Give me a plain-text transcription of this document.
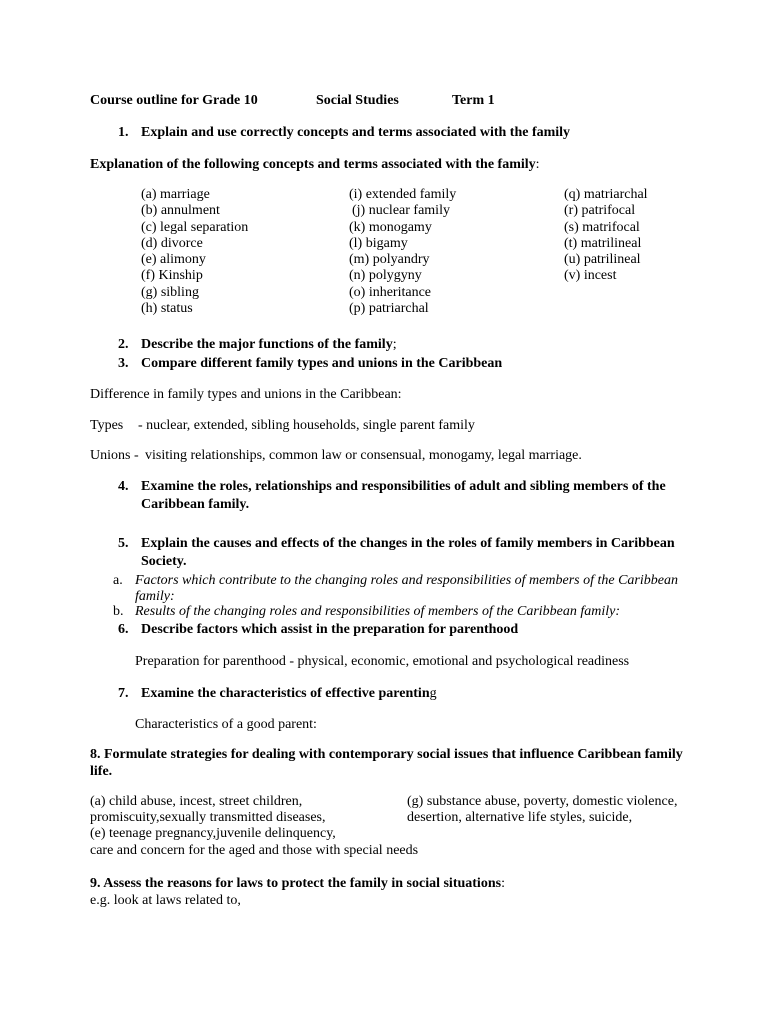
Course outline for Grade 10	Social Studies	Term 1
1. Explain and use correctly concepts and terms associated with the family
Explanation of the following concepts and terms associated with the family:
(a) marriage
(b) annulment
(c) legal separation
(d) divorce
(e) alimony
(f) Kinship
(g) sibling
(h) status
(i) extended family
(j) nuclear family
(k) monogamy
(l) bigamy
(m) polyandry
(n) polygyny
(o) inheritance
(p) patriarchal
(q) matriarchal
(r) patrifocal
(s) matrifocal
(t) matrilineal
(u) patrilineal
(v) incest
2. Describe the major functions of the family;
3. Compare different family types and unions in the Caribbean
Difference in family types and unions in the Caribbean:
Types - nuclear, extended, sibling households, single parent family
Unions - visiting relationships, common law or consensual, monogamy, legal marriage.
4. Examine the roles, relationships and responsibilities of adult and sibling members of the
Caribbean family.
5. Explain the causes and effects of the changes in the roles of family members in Caribbean
Society.
a. Factors which contribute to the changing roles and responsibilities of members of the Caribbean
family:
b. Results of the changing roles and responsibilities of members of the Caribbean family:
6. Describe factors which assist in the preparation for parenthood
Preparation for parenthood - physical, economic, emotional and psychological readiness
7. Examine the characteristics of effective parenting
Characteristics of a good parent:
8. Formulate strategies for dealing with contemporary social issues that influence Caribbean family
life.
(a) child abuse, incest, street children,
promiscuity,sexually transmitted diseases,
(e) teenage pregnancy,juvenile delinquency,
care and concern for the aged and those with special needs
(g) substance abuse, poverty, domestic violence,
desertion, alternative life styles, suicide,
9. Assess the reasons for laws to protect the family in social situations:
e.g. look at laws related to,
